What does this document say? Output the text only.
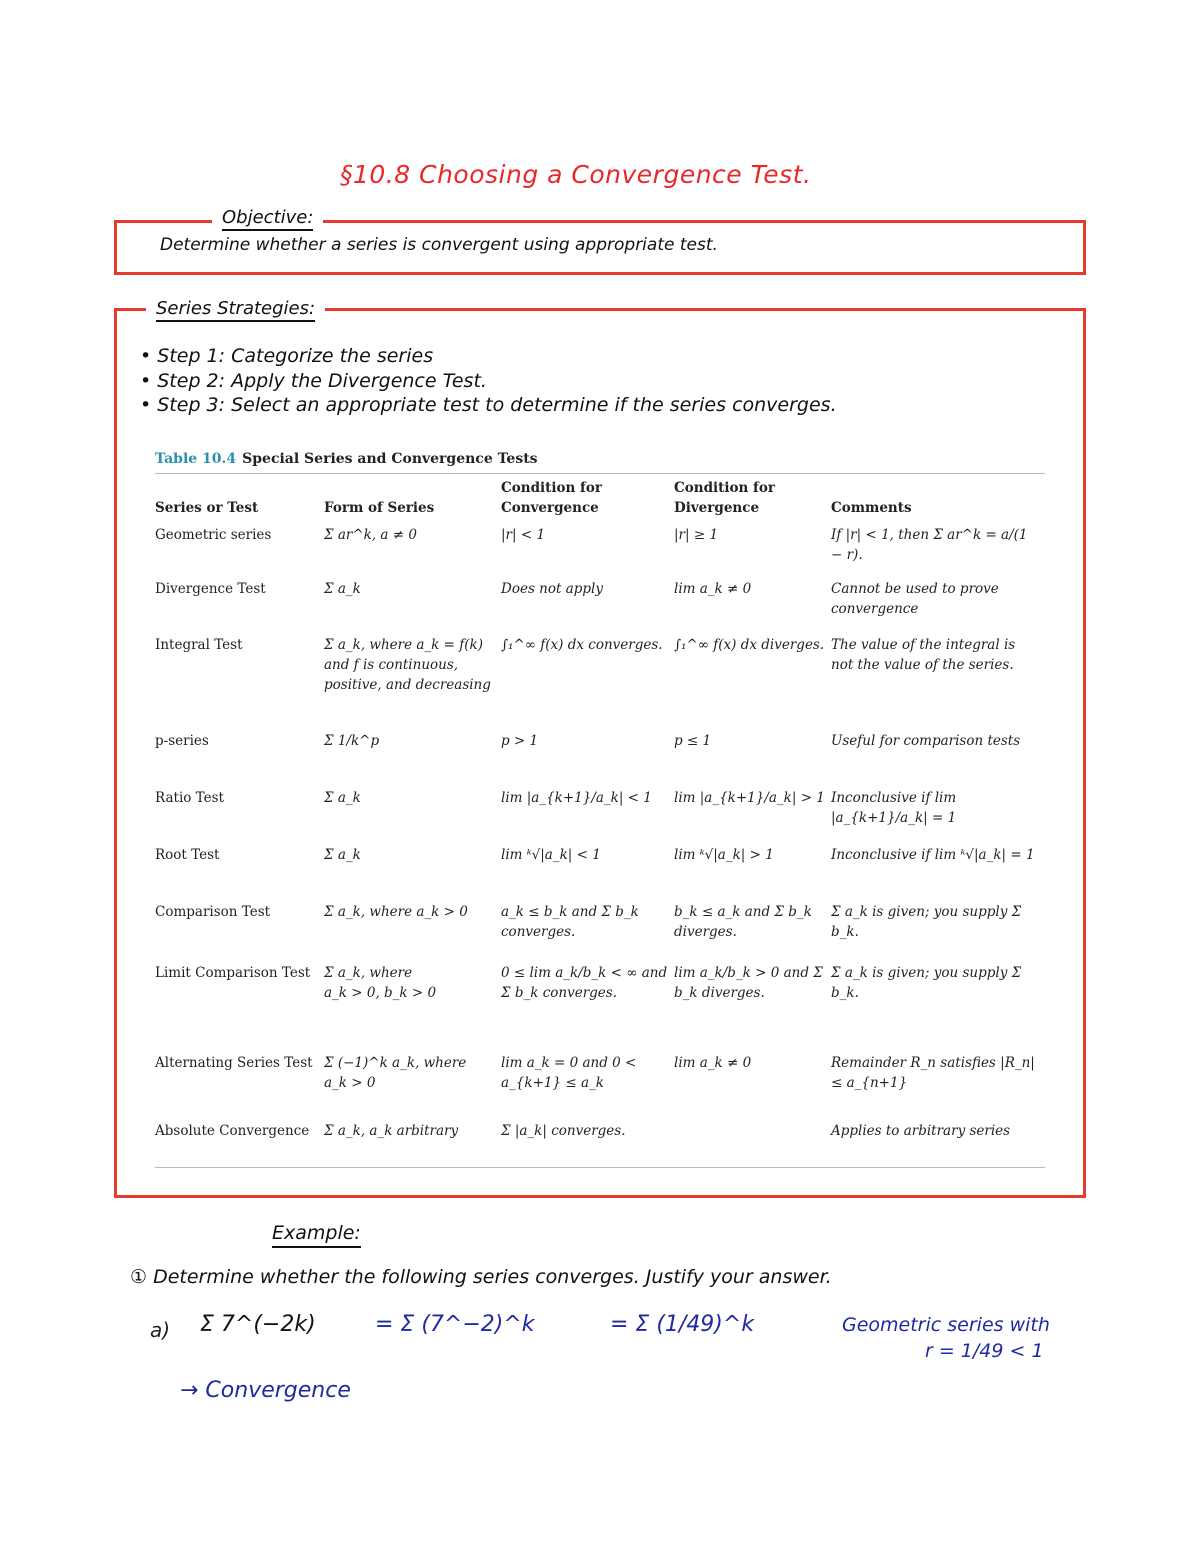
§10.8 Choosing a Convergence Test.
Objective:
Determine whether a series is convergent using appropriate test.
Series Strategies:
• Step 1: Categorize the series
• Step 2: Apply the Divergence Test.
• Step 3: Select an appropriate test to determine if the series converges.
Table 10.4 Special Series and Convergence Tests
Series or Test	Form of Series	Condition for Convergence	Condition for Divergence	Comments
Geometric series	Σ ar^k, a ≠ 0	|r| < 1	|r| ≥ 1	If |r| < 1, then Σ ar^k = a/(1 − r).
Divergence Test	Σ a_k	Does not apply	lim a_k ≠ 0	Cannot be used to prove convergence
Integral Test	Σ a_k, where a_k = f(k)
and f is continuous, positive, and decreasing	∫₁^∞ f(x) dx converges.	∫₁^∞ f(x) dx diverges.	The value of the integral is not the value of the series.
p-series	Σ 1/k^p	p > 1	p ≤ 1	Useful for comparison tests
Ratio Test	Σ a_k	lim |a_{k+1}/a_k| < 1	lim |a_{k+1}/a_k| > 1	Inconclusive if lim |a_{k+1}/a_k| = 1
Root Test	Σ a_k	lim ᵏ√|a_k| < 1	lim ᵏ√|a_k| > 1	Inconclusive if lim ᵏ√|a_k| = 1
Comparison Test	Σ a_k, where a_k > 0	a_k ≤ b_k and Σ b_k converges.	b_k ≤ a_k and Σ b_k diverges.	Σ a_k is given; you supply Σ b_k.
Limit Comparison Test	Σ a_k, where
a_k > 0, b_k > 0	0 ≤ lim a_k/b_k < ∞ and Σ b_k converges.	lim a_k/b_k > 0 and Σ b_k diverges.	Σ a_k is given; you supply Σ b_k.
Alternating Series Test	Σ (−1)^k a_k, where
a_k > 0	lim a_k = 0 and 0 < a_{k+1} ≤ a_k	lim a_k ≠ 0	Remainder R_n satisfies |R_n| ≤ a_{n+1}
Absolute Convergence	Σ a_k, a_k arbitrary	Σ |a_k| converges.		Applies to arbitrary series
Example:
① Determine whether the following series converges. Justify your answer.
a) Σ 7^(−2k)	= Σ (7^−2)^k	= Σ (1/49)^k	Geometric series with
r = 1/49 < 1
→ Convergence
